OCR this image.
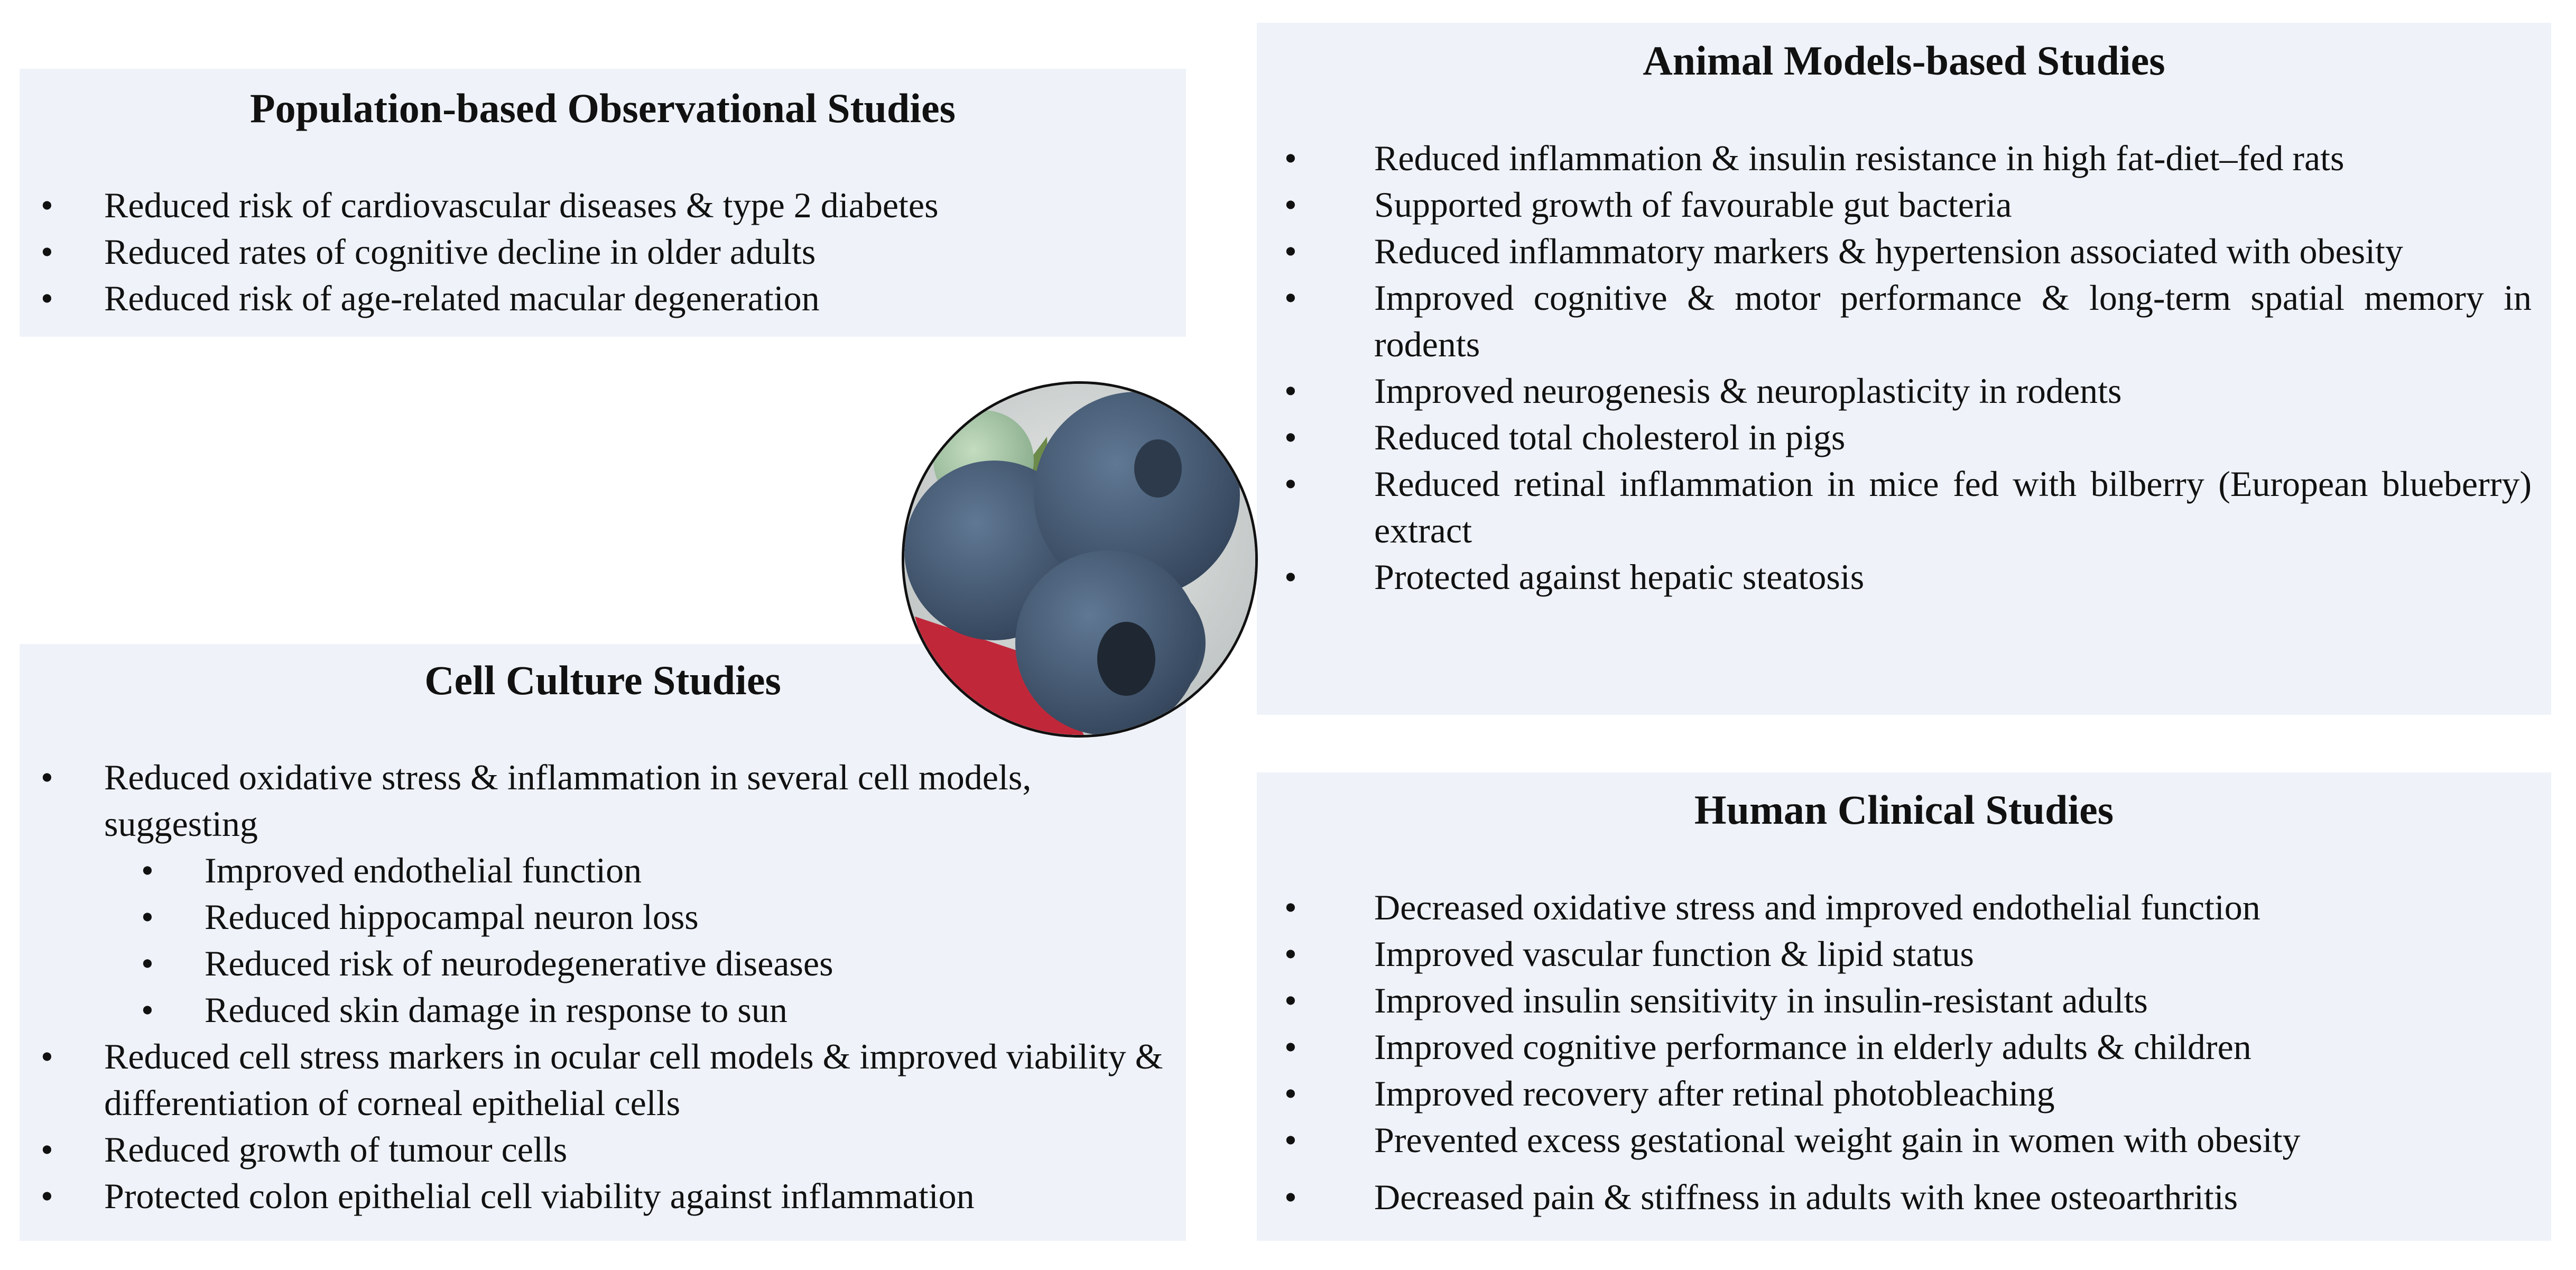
Population-based Observational Studies
• Reduced risk of cardiovascular diseases & type 2 diabetes
• Reduced rates of cognitive decline in older adults
• Reduced risk of age-related macular degeneration
Animal Models-based Studies
• Reduced inflammation & insulin resistance in high fat-diet–fed rats
• Supported growth of favourable gut bacteria
• Reduced inflammatory markers & hypertension associated with obesity
• Improved cognitive & motor performance & long-term spatial memory in rodents
• Improved neurogenesis & neuroplasticity in rodents
• Reduced total cholesterol in pigs
• Reduced retinal inflammation in mice fed with bilberry (European blueberry) extract
• Protected against hepatic steatosis
Cell Culture Studies
• Reduced oxidative stress & inflammation in several cell models, suggesting
• Improved endothelial function
• Reduced hippocampal neuron loss
• Reduced risk of neurodegenerative diseases
• Reduced skin damage in response to sun
• Reduced cell stress markers in ocular cell models & improved viability & differentiation of corneal epithelial cells
• Reduced growth of tumour cells
• Protected colon epithelial cell viability against inflammation
Human Clinical Studies
• Decreased oxidative stress and improved endothelial function
• Improved vascular function & lipid status
• Improved insulin sensitivity in insulin-resistant adults
• Improved cognitive performance in elderly adults & children
• Improved recovery after retinal photobleaching
• Prevented excess gestational weight gain in women with obesity
• Decreased pain & stiffness in adults with knee osteoarthritis
